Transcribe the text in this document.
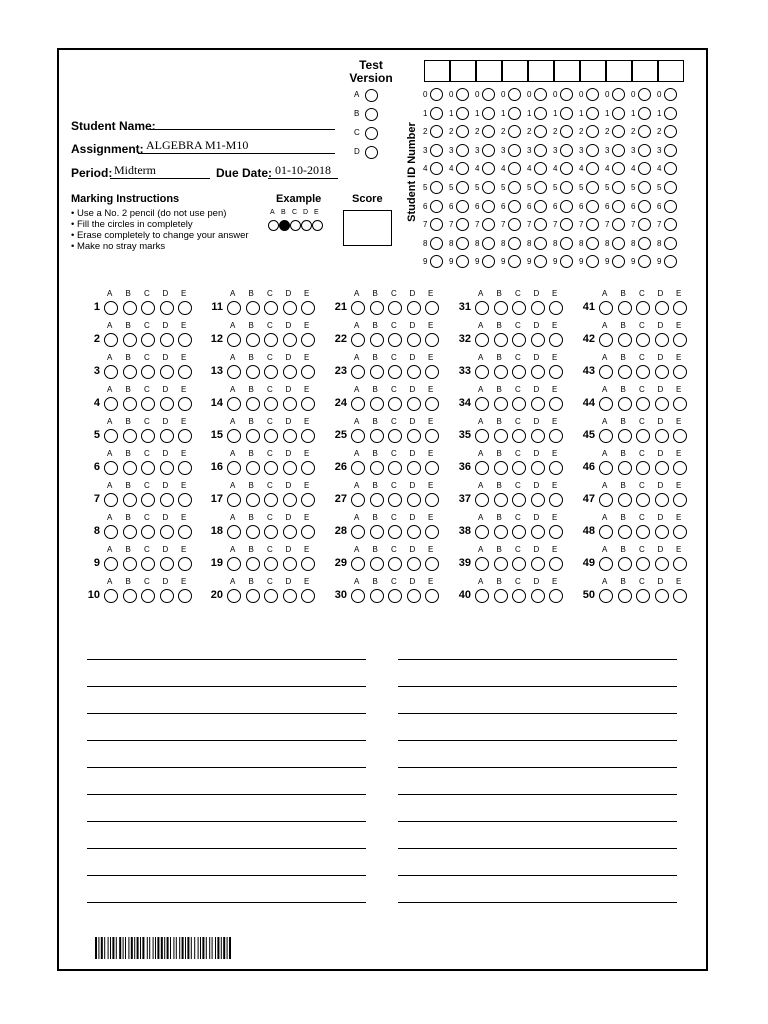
Test
Version
Student ID Number
Student Name:
Assignment: ALGEBRA M1-M10
Period: Midterm	Due Date: 01-10-2018
Marking Instructions
• Use a No. 2 pencil (do not use pen)
• Fill the circles in completely
• Erase completely to change your answer
• Make no stray marks
Example	Score
A
B
C
D
0
1
2
3
4
5
6
7
8
9
0
1
2
3
4
5
6
7
8
9
0
1
2
3
4
5
6
7
8
9
0
1
2
3
4
5
6
7
8
9
0
1
2
3
4
5
6
7
8
9
0
1
2
3
4
5
6
7
8
9
0
1
2
3
4
5
6
7
8
9
0
1
2
3
4
5
6
7
8
9
0
1
2
3
4
5
6
7
8
9
0
1
2
3
4
5
6
7
8
9
A B C D E
1
A B C D E
2
A B C D E
3
A B C D E
4
A B C D E
5
A B C D E
6
A B C D E
7
A B C D E
8
A B C D E
9
A B C D E
10
A B C D E
11
A B C D E
12
A B C D E
13
A B C D E
14
A B C D E
15
A B C D E
16
A B C D E
17
A B C D E
18
A B C D E
19
A B C D E
20
A B C D E
21
A B C D E
22
A B C D E
23
A B C D E
24
A B C D E
25
A B C D E
26
A B C D E
27
A B C D E
28
A B C D E
29
A B C D E
30
A B C D E
31
A B C D E
32
A B C D E
33
A B C D E
34
A B C D E
35
A B C D E
36
A B C D E
37
A B C D E
38
A B C D E
39
A B C D E
40
A B C D E
41
A B C D E
42
A B C D E
43
A B C D E
44
A B C D E
45
A B C D E
46
A B C D E
47
A B C D E
48
A B C D E
49
A B C D E
50
A B C D E
